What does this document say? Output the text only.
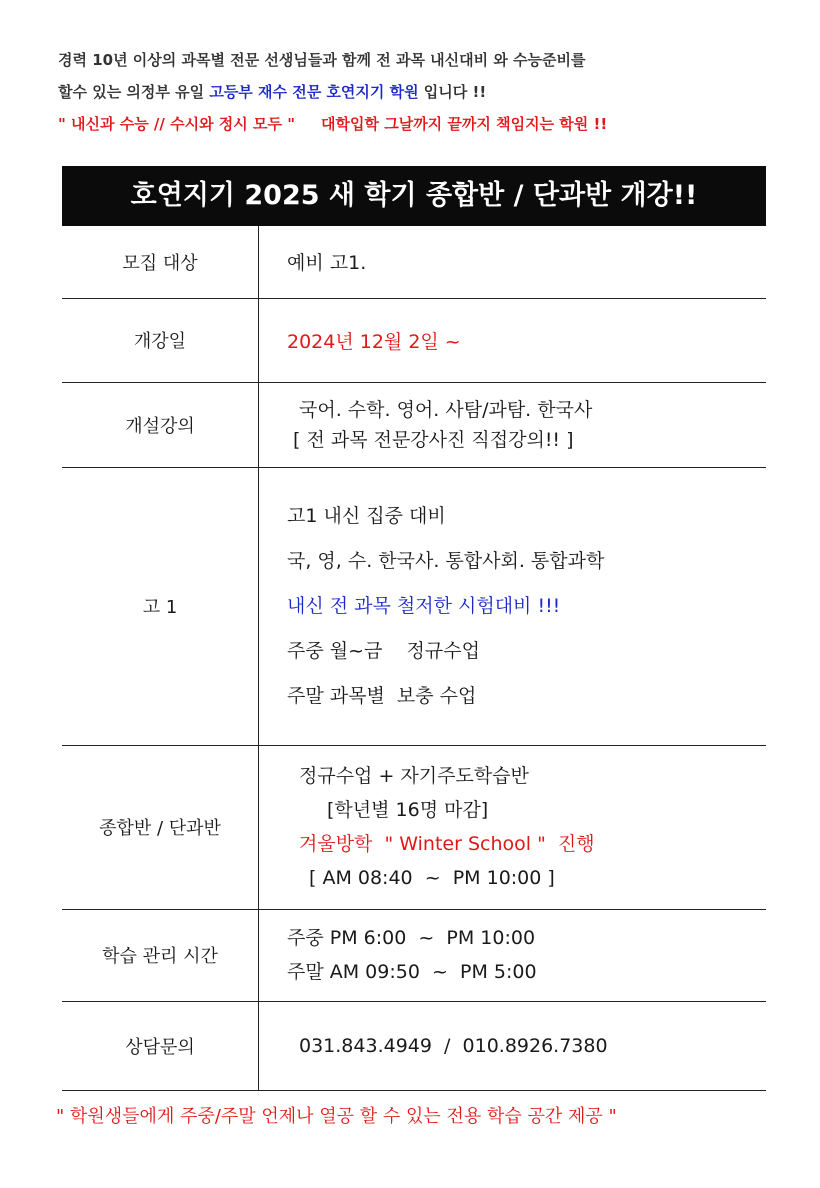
경력 10년 이상의 과목별 전문 선생님들과 함께 전 과목 내신대비 와 수능준비를
할수 있는 의정부 유일 고등부 재수 전문 호연지기 학원 입니다 !!
" 내신과 수능 // 수시와 정시 모두 " 대학입학 그날까지 끝까지 책임지는 학원 !!
호연지기 2025 새 학기 종합반 / 단과반 개강!!
모집 대상	예비 고1.
개강일	2024년 12월 2일 ~
개설강의	국어. 수학. 영어. 사탐/과탐. 한국사
[ 전 과목 전문강사진 직접강의!! ]

고 1	고1 내신 집중 대비
국, 영, 수. 한국사. 통합사회. 통합과학
내신 전 과목 철저한 시험대비 !!!
주중 월~금    정규수업
주말 과목별  보충 수업

종합반 / 단과반	정규수업 + 자기주도학습반
[학년별 16명 마감]
겨울방학  " Winter School "  진행
[ AM 08:40  ~  PM 10:00 ]

학습 관리 시간	주중 PM 6:00  ~  PM 10:00
주말 AM 09:50  ~  PM 5:00

상담문의	031.843.4949  /  010.8926.7380
" 학원생들에게 주중/주말 언제나 열공 할 수 있는 전용 학습 공간 제공 "
